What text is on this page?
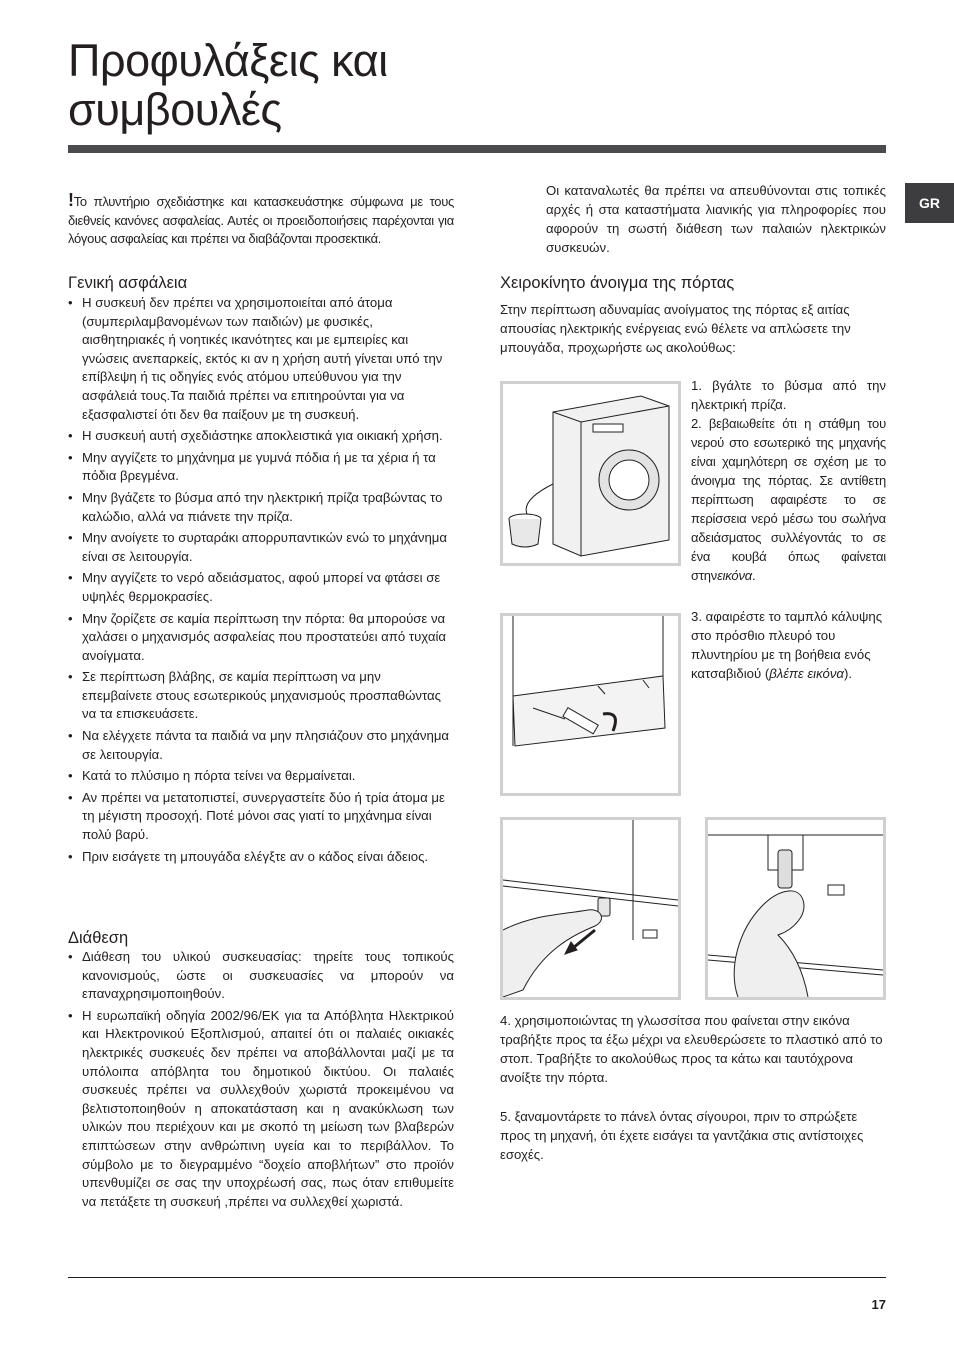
Προφυλάξεις και
συμβουλές
GR

!Το πλυντήριο σχεδιάστηκε και κατασκευάστηκε σύμφωνα με τους διεθνείς κανόνες ασφαλείας. Αυτές οι προειδοποιήσεις παρέχονται για λόγους ασφαλείας και πρέπει να διαβάζονται προσεκτικά.

Γενική ασφάλεια
• Η συσκευή δεν πρέπει να χρησιμοποιείται από άτομα (συμπεριλαμβανομένων των παιδιών) με φυσικές, αισθητηριακές ή νοητικές ικανότητες και με εμπειρίες και γνώσεις ανεπαρκείς, εκτός κι αν η χρήση αυτή γίνεται υπό την επίβλεψη ή τις οδηγίες ενός ατόμου υπεύθυνου για την ασφάλειά τους.Τα παιδιά πρέπει να επιτηρούνται για να εξασφαλιστεί ότι δεν θα παίξουν με τη συσκευή.
• Η συσκευή αυτή σχεδιάστηκε αποκλειστικά για οικιακή χρήση.
• Μην αγγίζετε το μηχάνημα με γυμνά πόδια ή με τα χέρια ή τα πόδια βρεγμένα.
• Μην βγάζετε το βύσμα από την ηλεκτρική πρίζα τραβώντας το καλώδιο, αλλά να πιάνετε την πρίζα.
• Μην ανοίγετε το συρταράκι απορρυπαντικών ενώ το μηχάνημα είναι σε λειτουργία.
• Μην αγγίζετε το νερό αδειάσματος, αφού μπορεί να φτάσει σε υψηλές θερμοκρασίες.
• Μην ζορίζετε σε καμία περίπτωση την πόρτα: θα μπορούσε να χαλάσει ο μηχανισμός ασφαλείας που προστατεύει από τυχαία ανοίγματα.
• Σε περίπτωση βλάβης, σε καμία περίπτωση να μην επεμβαίνετε στους εσωτερικούς μηχανισμούς προσπαθώντας να τα επισκευάσετε.
• Να ελέγχετε πάντα τα παιδιά να μην πλησιάζουν στο μηχάνημα σε λειτουργία.
• Κατά το πλύσιμο η πόρτα τείνει να θερμαίνεται.
• Αν πρέπει να μετατοπιστεί, συνεργαστείτε δύο ή τρία άτομα με τη μέγιστη προσοχή. Ποτέ μόνοι σας γιατί το μηχάνημα είναι πολύ βαρύ.
• Πριν εισάγετε τη μπουγάδα ελέγξτε αν ο κάδος είναι άδειος.
Διάθεση
• Διάθεση του υλικού συσκευασίας: τηρείτε τους τοπικούς κανονισμούς, ώστε οι συσκευασίες να μπορούν να επαναχρησιμοποιηθούν.
• Η ευρωπαϊκή οδηγία 2002/96/ΕΚ για τα Απόβλητα Ηλεκτρικού και Ηλεκτρονικού Εξοπλισμού, απαιτεί ότι οι παλαιές οικιακές ηλεκτρικές συσκευές δεν πρέπει να αποβάλλονται μαζί με τα υπόλοιπα απόβλητα του δημοτικού δικτύου. Οι παλαιές συσκευές πρέπει να συλλεχθούν χωριστά προκειμένου να βελτιστοποιηθούν η αποκατάσταση και η ανακύκλωση των υλικών που περιέχουν και με σκοπό τη μείωση των βλαβερών επιπτώσεων στην ανθρώπινη υγεία και το περιβάλλον. Το σύμβολο με το διεγραμμένο “δοχείο αποβλήτων” στο προϊόν υπενθυμίζει σε σας την υποχρέωσή σας, πως όταν επιθυμείτε να πετάξετε τη συσκευή ,πρέπει να συλλεχθεί χωριστά.

Οι καταναλωτές θα πρέπει να απευθύνονται στις τοπικές αρχές ή στα καταστήματα λιανικής για πληροφορίες που αφορούν τη σωστή διάθεση των παλαιών ηλεκτρικών συσκευών.

Χειροκίνητο άνοιγμα της πόρτας

Στην περίπτωση αδυναμίας ανοίγματος της πόρτας εξ αιτίας απουσίας ηλεκτρικής ενέργειας ενώ θέλετε να απλώσετε την μπουγάδα, προχωρήστε ως ακολούθως:

1. βγάλτε το βύσμα από την ηλεκτρική πρίζα.

2. βεβαιωθείτε ότι η στάθμη του νερού στο εσωτερικό της μηχανής είναι χαμηλότερη σε σχέση με το άνοιγμα της πόρτας. Σε αντίθετη περίπτωση αφαιρέστε το σε περίσσεια νερό μέσω του σωλήνα αδειάσματος συλλέγοντάς το σε ένα κουβά όπως φαίνεται στηνεικόνα.

3. αφαιρέστε το ταμπλό κάλυψης στο πρόσθιο πλευρό του πλυντηρίου με τη βοήθεια ενός κατσαβιδιού (βλέπε εικόνα).

4. χρησιμοποιώντας τη γλωσσίτσα που φαίνεται στην εικόνα τραβήξτε προς τα έξω μέχρι να ελευθερώσετε το πλαστικό από το στοπ. Τραβήξτε το ακολούθως προς τα κάτω και ταυτόχρονα ανοίξτε την πόρτα.

5. ξαναμοντάρετε το πάνελ όντας σίγουροι, πριν το σπρώξετε προς τη μηχανή, ότι έχετε εισάγει τα γαντζάκια στις αντίστοιχες εσοχές.

17
